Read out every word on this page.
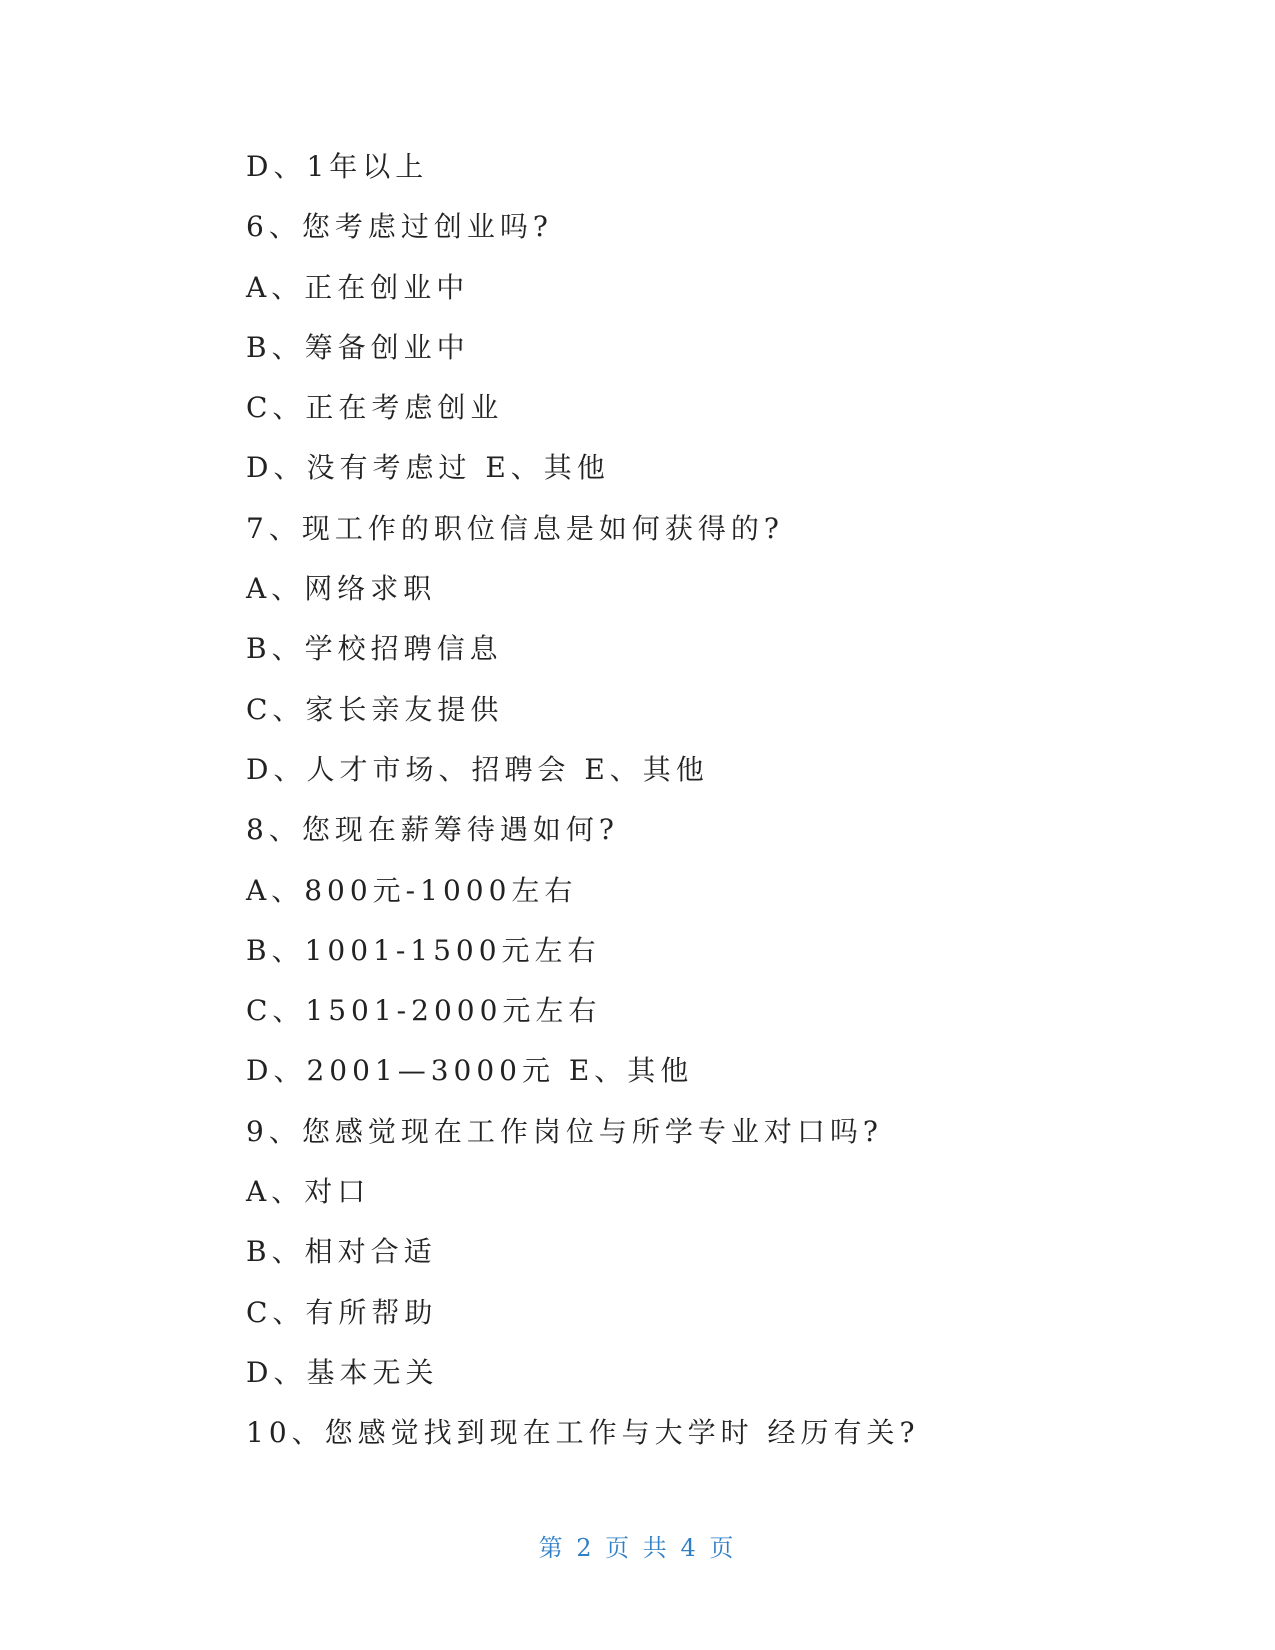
D、1年以上
6、您考虑过创业吗?
A、正在创业中
B、筹备创业中
C、正在考虑创业
D、没有考虑过 E、其他
7、现工作的职位信息是如何获得的?
A、网络求职
B、学校招聘信息
C、家长亲友提供
D、人才市场、招聘会 E、其他
8、您现在薪筹待遇如何?
A、800元-1000左右
B、1001-1500元左右
C、1501-2000元左右
D、2001—3000元 E、其他
9、您感觉现在工作岗位与所学专业对口吗?
A、对口
B、相对合适
C、有所帮助
D、基本无关
10、您感觉找到现在工作与大学时 经历有关?
第 2 页 共 4 页
